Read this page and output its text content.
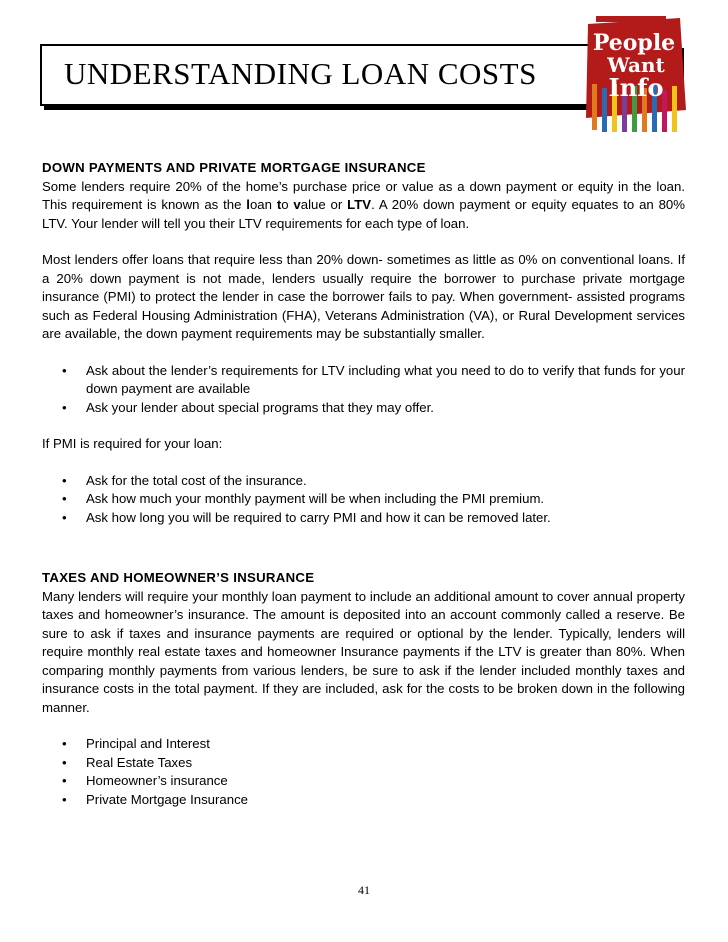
UNDERSTANDING LOAN COSTS
People
Want
Info

DOWN PAYMENTS AND PRIVATE MORTGAGE INSURANCE

Some lenders require 20% of the home’s purchase price or value as a down payment or equity in the loan. This requirement is known as the loan to value or LTV. A 20% down payment or equity equates to an 80% LTV. Your lender will tell you their LTV requirements for each type of loan.

Most lenders offer loans that require less than 20% down- sometimes as little as 0% on conventional loans. If a 20% down payment is not made, lenders usually require the borrower to purchase private mortgage insurance (PMI) to protect the lender in case the borrower fails to pay. When government- assisted programs such as Federal Housing Administration (FHA), Veterans Administration (VA), or Rural Development services are available, the down payment requirements may be substantially smaller.

• Ask about the lender’s requirements for LTV including what you need to do to verify that funds for your down payment are available
• Ask your lender about special programs that they may offer.

If PMI is required for your loan:

• Ask for the total cost of the insurance.
• Ask how much your monthly payment will be when including the PMI premium.
• Ask how long you will be required to carry PMI and how it can be removed later.

TAXES AND HOMEOWNER’S INSURANCE

Many lenders will require your monthly loan payment to include an additional amount to cover annual property taxes and homeowner’s insurance. The amount is deposited into an account commonly called a reserve. Be sure to ask if taxes and insurance payments are required or optional by the lender. Typically, lenders will require monthly real estate taxes and homeowner Insurance payments if the LTV is greater than 80%. When comparing monthly payments from various lenders, be sure to ask if the lender included monthly taxes and insurance costs in the total payment. If they are included, ask for the costs to be broken down in the following manner.

• Principal and Interest
• Real Estate Taxes
• Homeowner’s insurance
• Private Mortgage Insurance
41
